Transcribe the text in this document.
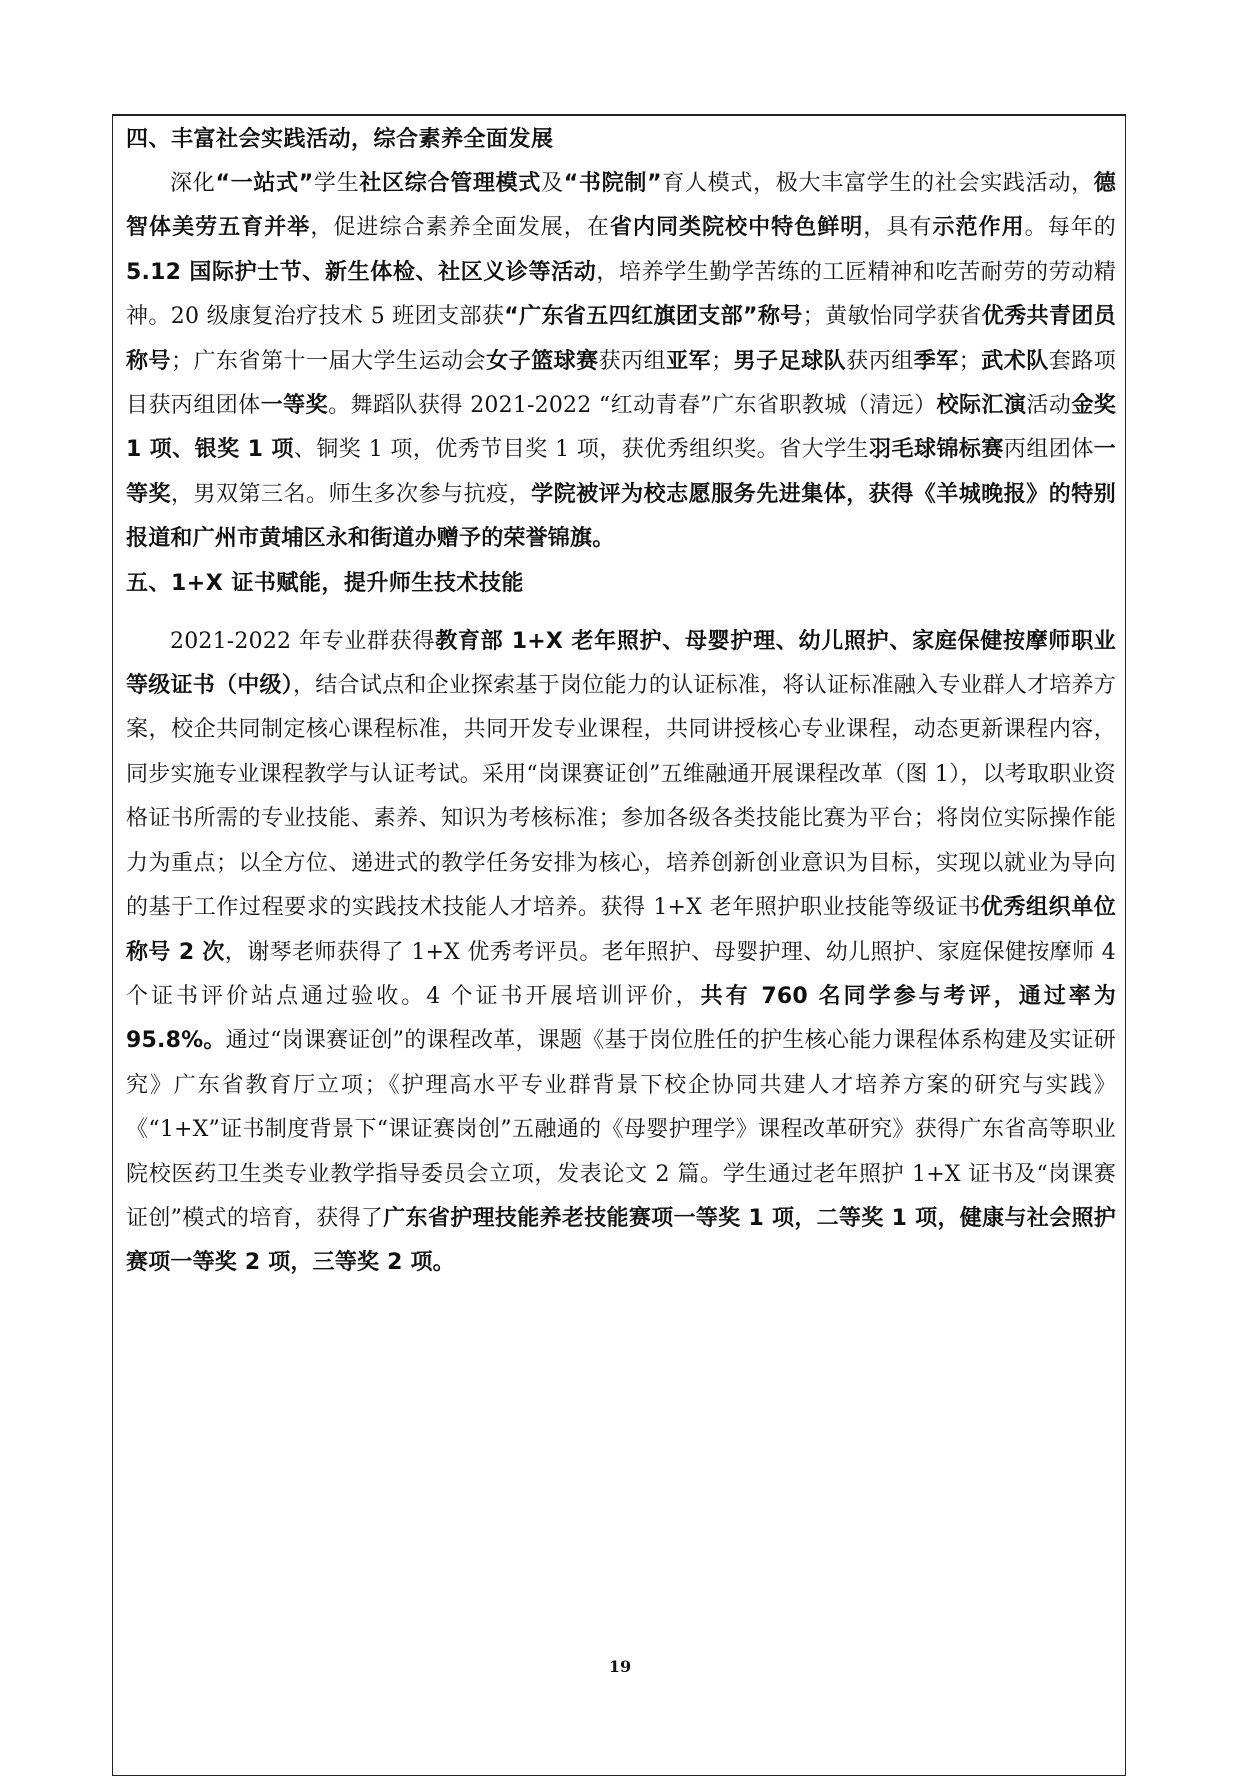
四、丰富社会实践活动，综合素养全面发展
深化“一站式”学生社区综合管理模式及“书院制”育人模式，极大丰富学生的社会实践活动，德智体美劳五育并举，促进综合素养全面发展，在省内同类院校中特色鲜明，具有示范作用。每年的5.12 国际护士节、新生体检、社区义诊等活动，培养学生勤学苦练的工匠精神和吃苦耐劳的劳动精神。20 级康复治疗技术 5 班团支部获“广东省五四红旗团支部”称号；黄敏怡同学获省优秀共青团员称号；广东省第十一届大学生运动会女子篮球赛获丙组亚军；男子足球队获丙组季军；武术队套路项目获丙组团体一等奖。舞蹈队获得 2021-2022 “红动青春”广东省职教城（清远）校际汇演活动金奖 1 项、银奖 1 项、铜奖 1 项，优秀节目奖 1 项，获优秀组织奖。省大学生羽毛球锦标赛丙组团体一等奖，男双第三名。师生多次参与抗疫，学院被评为校志愿服务先进集体，获得《羊城晚报》的特别报道和广州市黄埔区永和街道办赠予的荣誉锦旗。
五、1+X 证书赋能，提升师生技术技能
2021-2022 年专业群获得教育部 1+X 老年照护、母婴护理、幼儿照护、家庭保健按摩师职业等级证书（中级），结合试点和企业探索基于岗位能力的认证标准，将认证标准融入专业群人才培养方案，校企共同制定核心课程标准，共同开发专业课程，共同讲授核心专业课程，动态更新课程内容，同步实施专业课程教学与认证考试。采用“岗课赛证创”五维融通开展课程改革（图 1），以考取职业资格证书所需的专业技能、素养、知识为考核标准；参加各级各类技能比赛为平台；将岗位实际操作能力为重点；以全方位、递进式的教学任务安排为核心，培养创新创业意识为目标，实现以就业为导向的基于工作过程要求的实践技术技能人才培养。获得 1+X 老年照护职业技能等级证书优秀组织单位称号 2 次，谢琴老师获得了 1+X 优秀考评员。老年照护、母婴护理、幼儿照护、家庭保健按摩师 4 个证书评价站点通过验收。4 个证书开展培训评价，共有 760 名同学参与考评，通过率为 95.8%。通过“岗课赛证创”的课程改革，课题《基于岗位胜任的护生核心能力课程体系构建及实证研究》广东省教育厅立项；《护理高水平专业群背景下校企协同共建人才培养方案的研究与实践》《“1+X”证书制度背景下“课证赛岗创”五融通的《母婴护理学》课程改革研究》获得广东省高等职业院校医药卫生类专业教学指导委员会立项，发表论文 2 篇。学生通过老年照护 1+X 证书及“岗课赛证创”模式的培育，获得了广东省护理技能养老技能赛项一等奖 1 项，二等奖 1 项，健康与社会照护赛项一等奖 2 项，三等奖 2 项。
19
